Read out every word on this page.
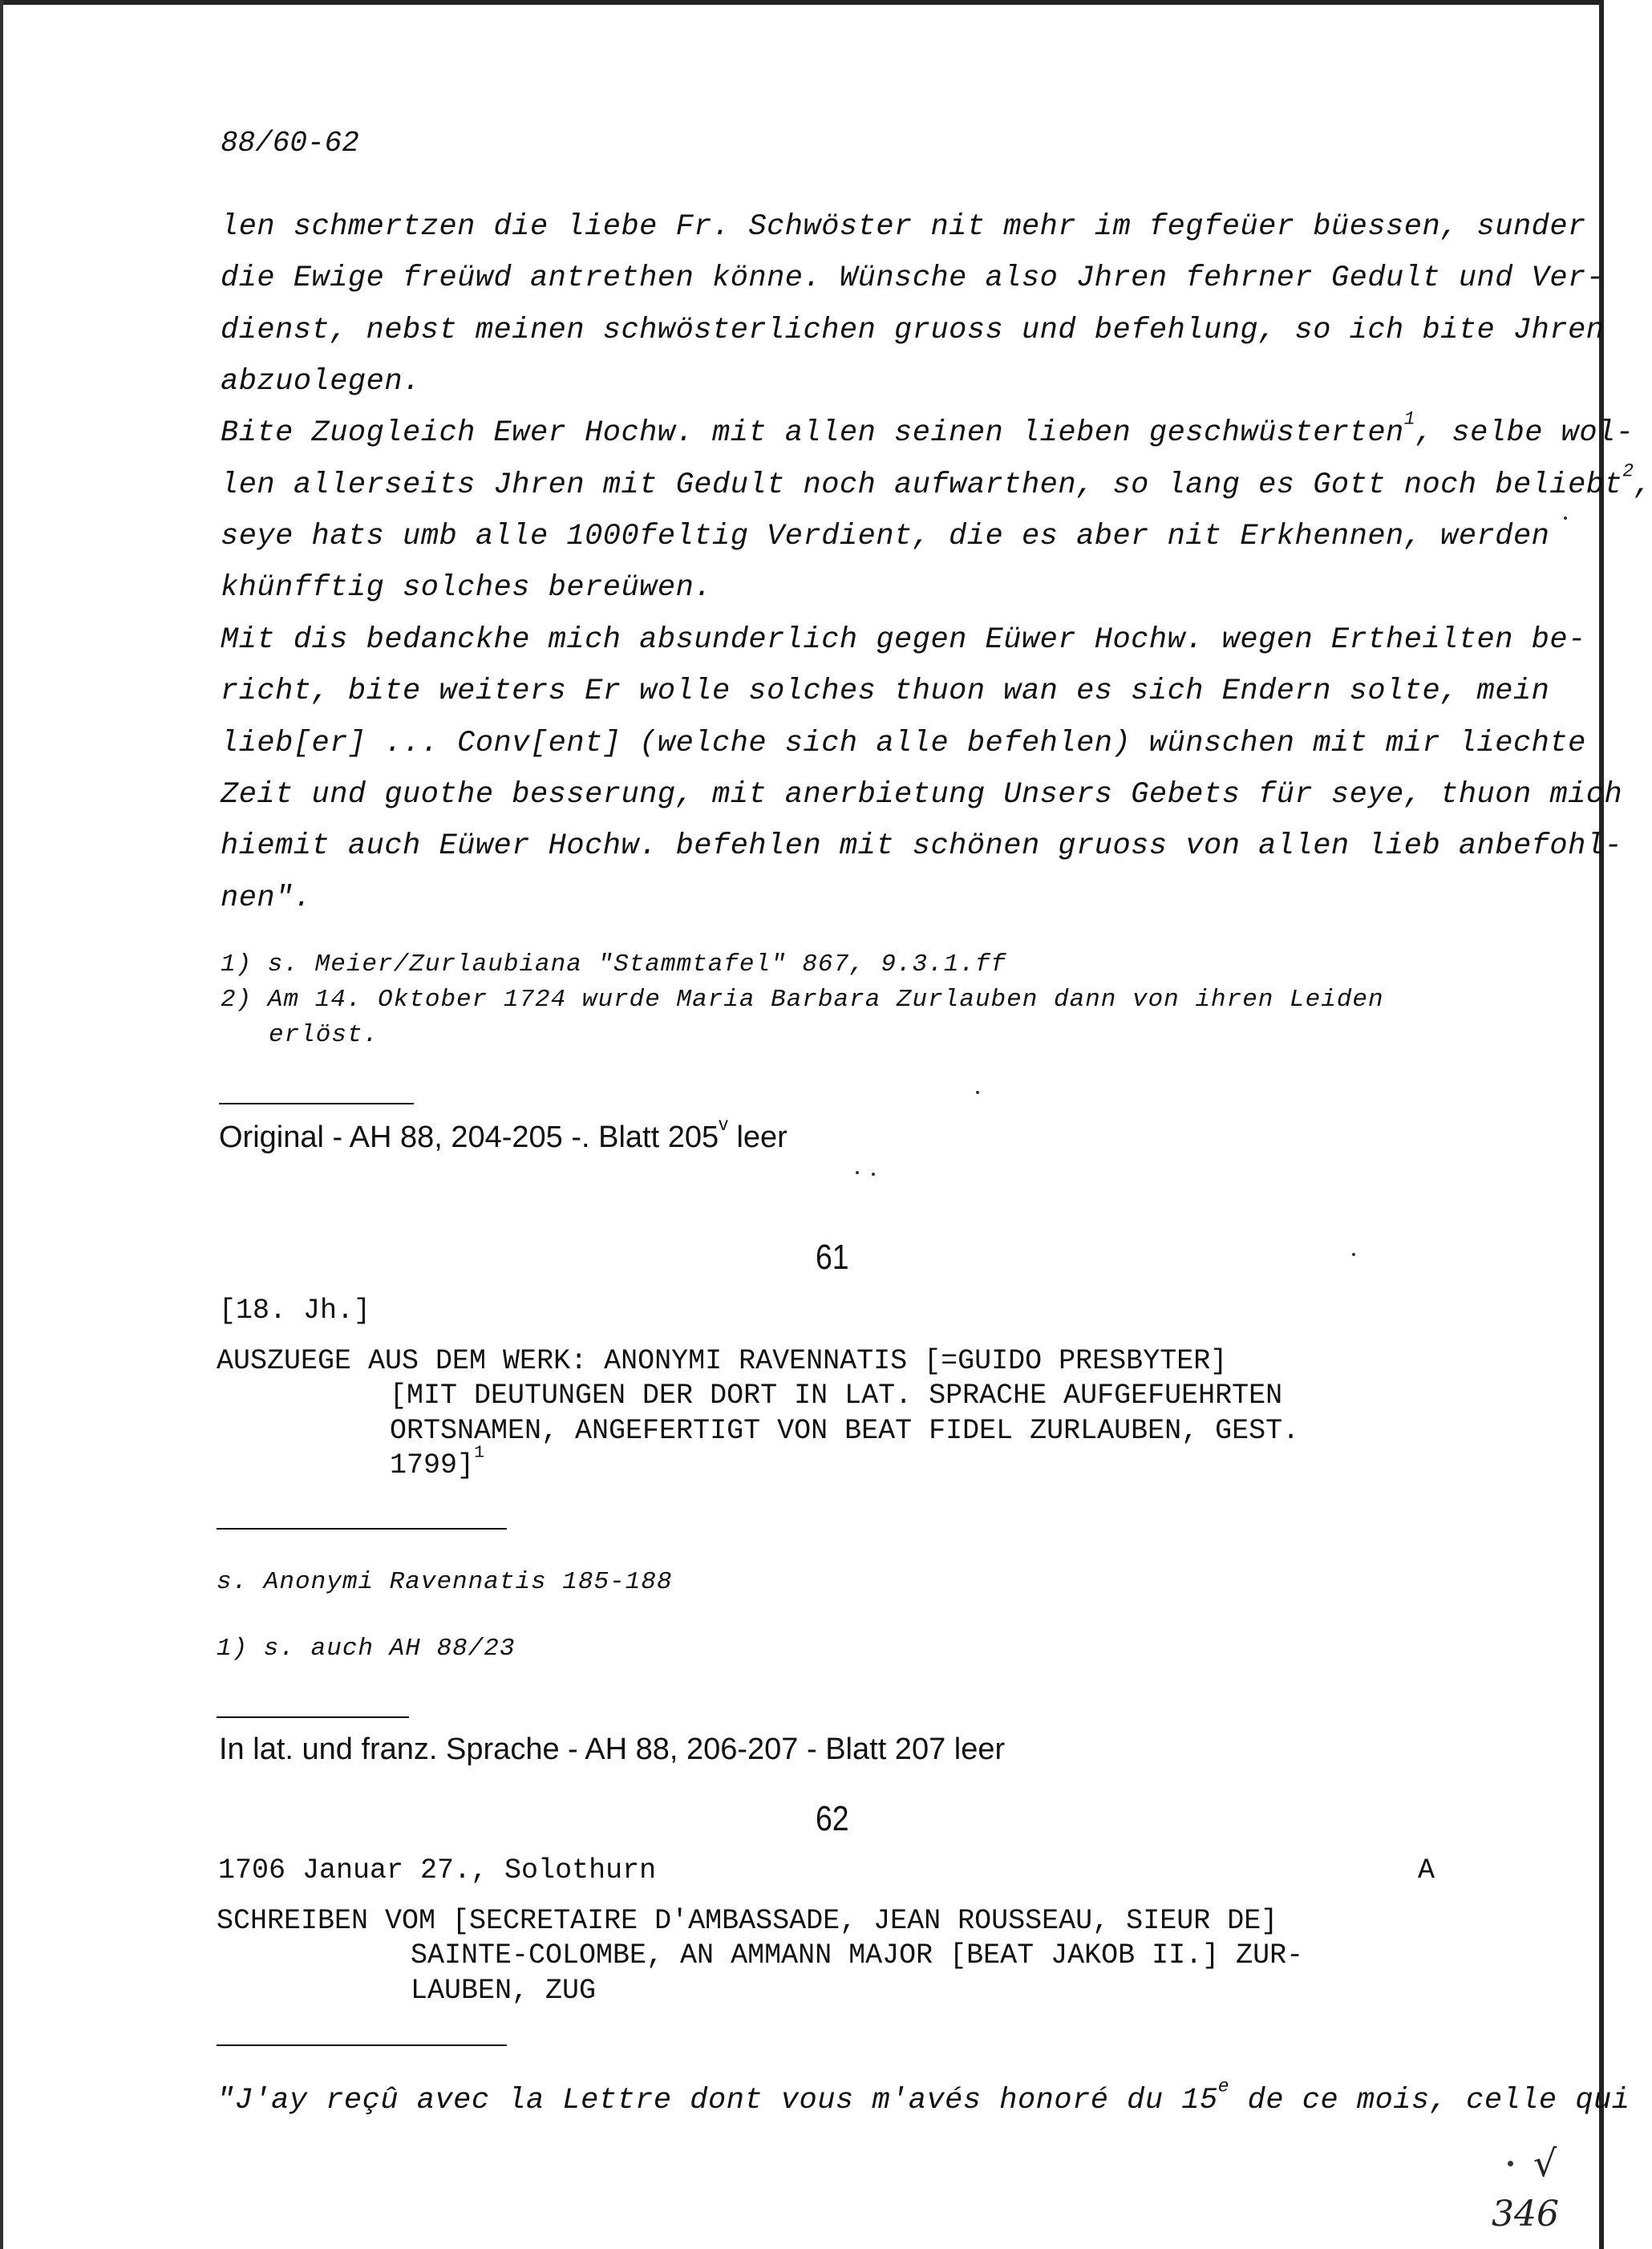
88/60-62
len schmertzen die liebe Fr. Schwöster nit mehr im fegfeüer büessen, sunder
die Ewige freüwd antrethen könne. Wünsche also Jhren fehrner Gedult und Ver-
dienst, nebst meinen schwösterlichen gruoss und befehlung, so ich bite Jhren
abzuolegen.
Bite Zuogleich Ewer Hochw. mit allen seinen lieben geschwüsterten$^1$, selbe wol-
len allerseits Jhren mit Gedult noch aufwarthen, so lang es Gott noch beliebt$^2$,
seye hats umb alle 1000feltig Verdient, die es aber nit Erkhennen, werden
khünfftig solches bereüwen.
Mit dis bedanckhe mich absunderlich gegen Eüwer Hochw. wegen Ertheilten be-
richt, bite weiters Er wolle solches thuon wan es sich Endern solte, mein
lieb[er] ... Conv[ent] (welche sich alle befehlen) wünschen mit mir liechte
Zeit und guothe besserung, mit anerbietung Unsers Gebets für seye, thuon mich
hiemit auch Eüwer Hochw. befehlen mit schönen gruoss von allen lieb anbefohl-
nen".
1) s. Meier/Zurlaubiana "Stammtafel" 867, 9.3.1.ff
2) Am 14. Oktober 1724 wurde Maria Barbara Zurlauben dann von ihren Leiden
erlöst.
Original - AH 88, 204-205 -. Blatt 205$^v$ leer
61
[18. Jh.]
AUSZUEGE AUS DEM WERK: ANONYMI RAVENNATIS [=GUIDO PRESBYTER]
[MIT DEUTUNGEN DER DORT IN LAT. SPRACHE AUFGEFUEHRTEN
ORTSNAMEN, ANGEFERTIGT VON BEAT FIDEL ZURLAUBEN, GEST.
1799]$^1$
s. Anonymi Ravennatis 185-188
1) s. auch AH 88/23
In lat. und franz. Sprache - AH 88, 206-207 - Blatt 207 leer
62
1706 Januar 27., Solothurn	A
SCHREIBEN VOM [SECRETAIRE D'AMBASSADE, JEAN ROUSSEAU, SIEUR DE]
SAINTE-COLOMBE, AN AMMANN MAJOR [BEAT JAKOB II.] ZUR-
LAUBEN, ZUG
"J'ay reçû avec la Lettre dont vous m'avés honoré du 15e de ce mois, celle qui
√
346
